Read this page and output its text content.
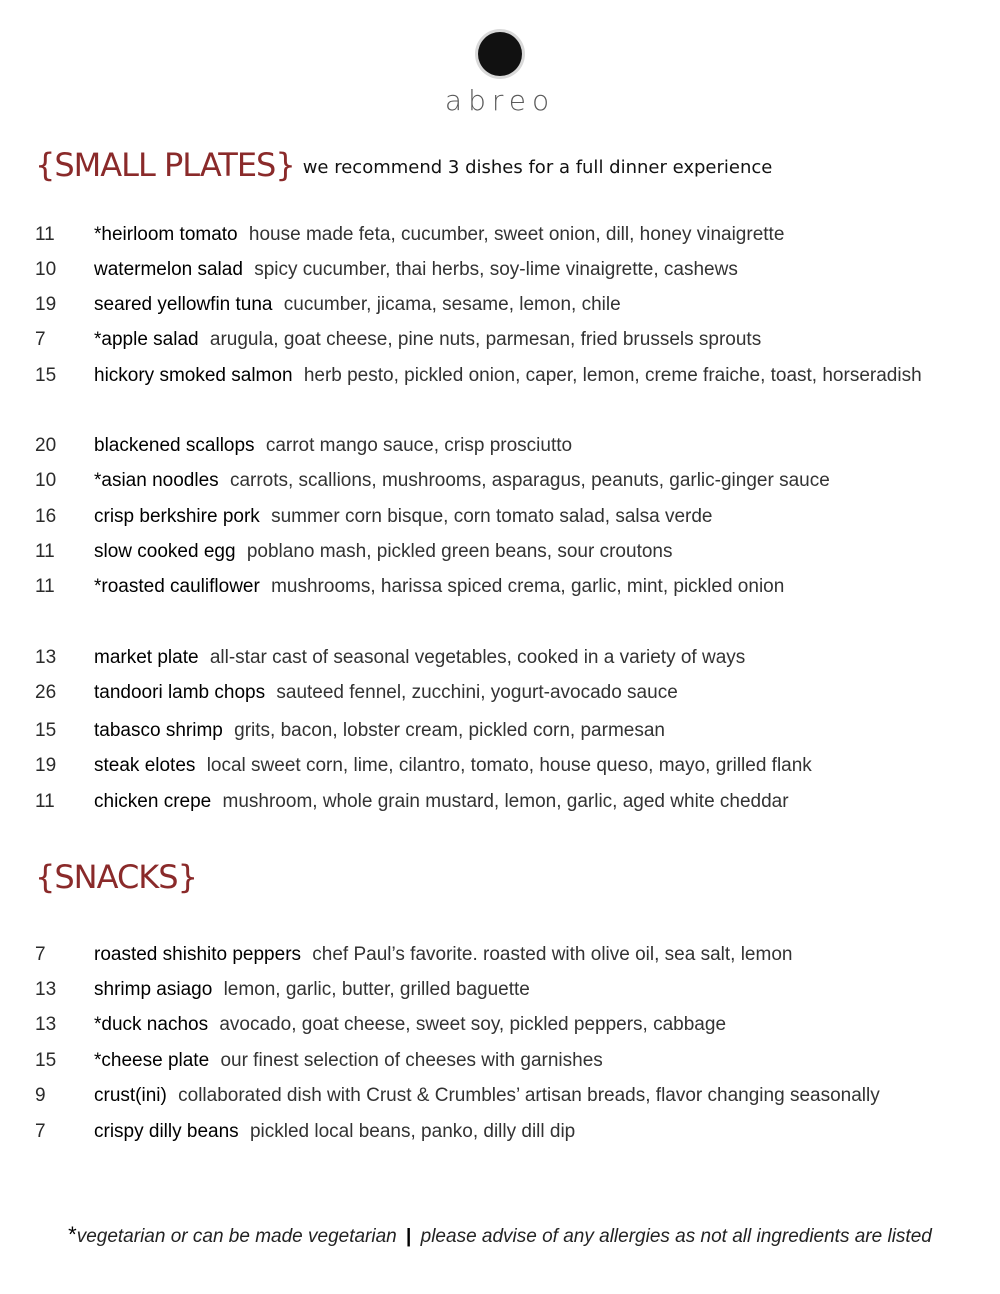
abreo
{SMALL PLATES} we recommend 3 dishes for a full dinner experience
11	*heirloom tomato house made feta, cucumber, sweet onion, dill, honey vinaigrette
10	watermelon salad spicy cucumber, thai herbs, soy-lime vinaigrette, cashews
19	seared yellowfin tuna cucumber, jicama, sesame, lemon, chile
7	*apple salad arugula, goat cheese, pine nuts, parmesan, fried brussels sprouts
15	hickory smoked salmon herb pesto, pickled onion, caper, lemon, creme fraiche, toast, horseradish
20	blackened scallops carrot mango sauce, crisp prosciutto
10	*asian noodles carrots, scallions, mushrooms, asparagus, peanuts, garlic-ginger sauce
16	crisp berkshire pork summer corn bisque, corn tomato salad, salsa verde
11	slow cooked egg poblano mash, pickled green beans, sour croutons
11	*roasted cauliflower mushrooms, harissa spiced crema, garlic, mint, pickled onion
13	market plate all-star cast of seasonal vegetables, cooked in a variety of ways
26	tandoori lamb chops sauteed fennel, zucchini, yogurt-avocado sauce
15	tabasco shrimp grits, bacon, lobster cream, pickled corn, parmesan
19	steak elotes local sweet corn, lime, cilantro, tomato, house queso, mayo, grilled flank
11	chicken crepe mushroom, whole grain mustard, lemon, garlic, aged white cheddar
{SNACKS}
7	roasted shishito peppers chef Paul’s favorite. roasted with olive oil, sea salt, lemon
13	shrimp asiago lemon, garlic, butter, grilled baguette
13	*duck nachos avocado, goat cheese, sweet soy, pickled peppers, cabbage
15	*cheese plate our finest selection of cheeses with garnishes
9	crust(ini) collaborated dish with Crust & Crumbles’ artisan breads, flavor changing seasonally
7	crispy dilly beans pickled local beans, panko, dilly dill dip
*vegetarian or can be made vegetarian | please advise of any allergies as not all ingredients are listed
